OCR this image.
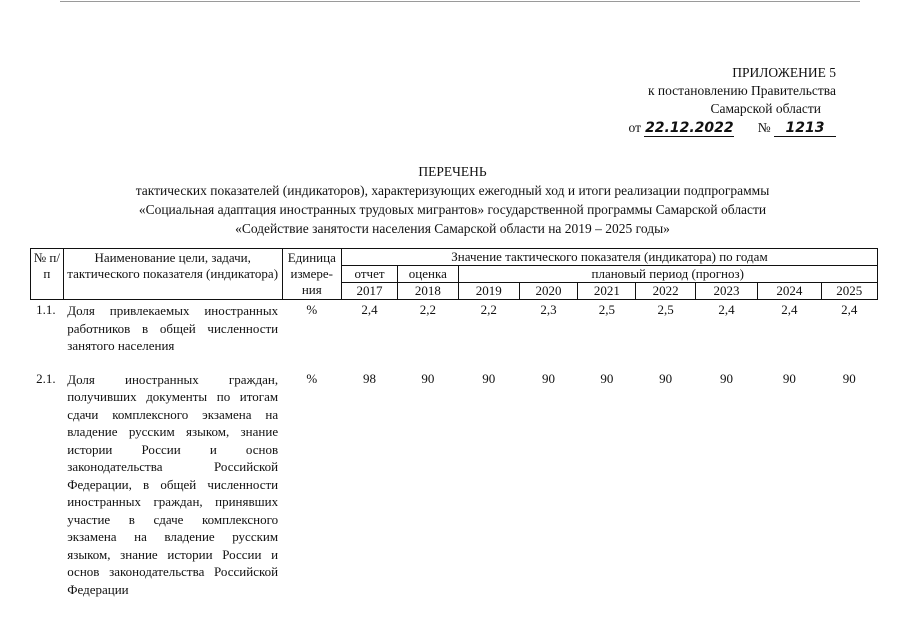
ПРИЛОЖЕНИЕ 5
к постановлению Правительства
Самарской области
от 22.12.2022 № 1213
ПЕРЕЧЕНЬ
тактических показателей (индикаторов), характеризующих ежегодный ход и итоги реализации подпрограммы
«Социальная адаптация иностранных трудовых мигрантов» государственной программы Самарской области
«Содействие занятости населения Самарской области на 2019 – 2025 годы»
№ п/п	Наименование цели, задачи, тактического показателя (индикатора)	Единица измере-ния	Значение тактического показателя (индикатора) по годам								
			отчет	оценка	плановый период (прогноз)						
			2017	2018	2019	2020	2021	2022	2023	2024	2025
1.1.	Доля привлекаемых иностранных работников в общей численности занятого населения	%	2,4	2,2	2,2	2,3	2,5	2,5	2,4	2,4	2,4

2.1.	Доля иностранных граждан, получивших документы по итогам сдачи комплексного экзамена на владение русским языком, знание истории России и основ законодательства Российской Федерации, в общей численности иностранных граждан, принявших участие в сдаче комплексного экзамена на владение русским языком, знание истории России и основ законодательства Российской Федерации	%	98	90	90	90	90	90	90	90	90
